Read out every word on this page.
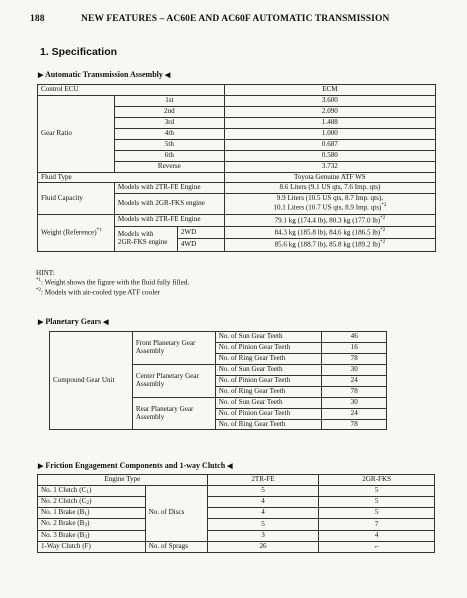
188	NEW FEATURES – AC60E AND AC60F AUTOMATIC TRANSMISSION
1. Specification
▶ Automatic Transmission Assembly ◀
Control ECU			ECM
Gear Ratio	1st		3.600
	2nd		2.090
	3rd		1.488
	4th		1.000
	5th		0.687
	6th		0.580
	Reverse		3.732
Fluid Type			Toyota Genuine ATF WS
Fluid Capacity	Models with 2TR-FE Engine		8.6 Liters (9.1 US qts, 7.6 Imp. qts)
	Models with 2GR-FKS engine		9.9 Liters (10.5 US qts, 8.7 Imp. qts),
10.1 Liters (10.7 US qts, 8.9 Imp. qts)$^{*2}$
Weight (Reference)$^{*1}$	Models with 2TR-FE Engine		79.1 kg (174.4 lb), 80.3 kg (177.0 lb)$^{*2}$
	Models with
2GR-FKS engine	2WD	84.3 kg (185.8 lb), 84.6 kg (186.5 lb)$^{*2}$
		4WD	85.6 kg (188.7 lb), 85.8 kg (189.2 lb)$^{*2}$
HINT:
$^{*1}$: Weight shows the figure with the fluid fully filled.
$^{*2}$: Models with air-cooled type ATF cooler
▶ Planetary Gears ◀
Compound Gear Unit	Front Planetary Gear
Assembly	No. of Sun Gear Teeth	46
		No. of Pinion Gear Teeth	16
		No. of Ring Gear Teeth	78
	Center Planetary Gear
Assembly	No. of Sun Gear Teeth	30
		No. of Pinion Gear Teeth	24
		No. of Ring Gear Teeth	78
	Rear Planetary Gear
Assembly	No. of Sun Gear Teeth	30
		No. of Pinion Gear Teeth	24
		No. of Ring Gear Teeth	78
▶ Friction Engagement Components and 1-way Clutch ◀
Engine Type		2TR-FE	2GR-FKS
No. 1 Clutch (C1)	No. of Discs	5	5
No. 2 Clutch (C2)		4	5
No. 1 Brake (B1)		4	5
No. 2 Brake (B2)		5	7
No. 3 Brake (B3)		3	4
1-Way Clutch (F)	No. of Sprags	26	←
